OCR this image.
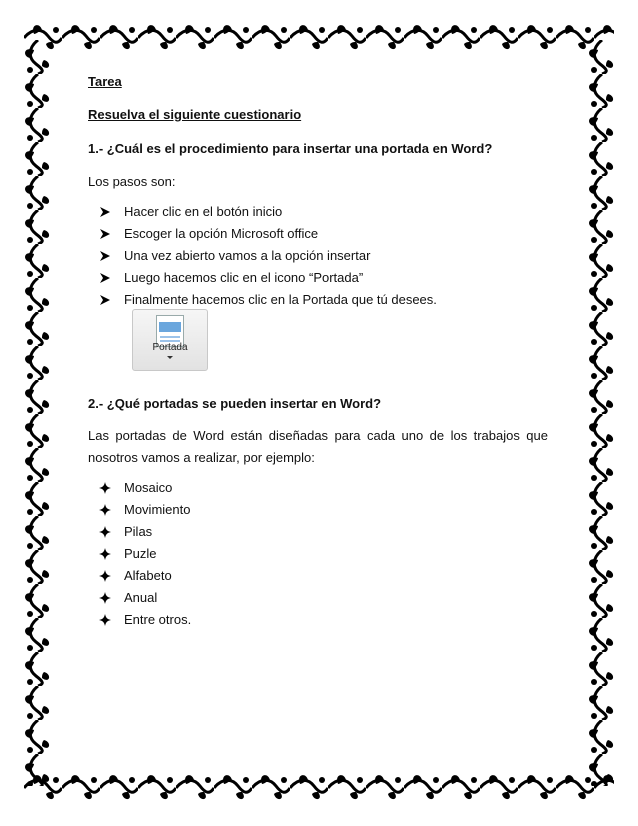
Tarea
Resuelva el siguiente cuestionario
1.- ¿Cuál es el procedimiento para insertar una portada en Word?
Los pasos son:
Hacer clic en el botón inicio
Escoger la opción Microsoft office
Una vez abierto vamos a la opción insertar
Luego hacemos clic en el icono “Portada”
Finalmente hacemos clic en la Portada que tú desees.
Portada
2.- ¿Qué portadas se pueden insertar en Word?
Las portadas de Word están diseñadas para cada uno de los trabajos que nosotros vamos a realizar, por ejemplo:
Mosaico
Movimiento
Pilas
Puzle
Alfabeto
Anual
Entre otros.
